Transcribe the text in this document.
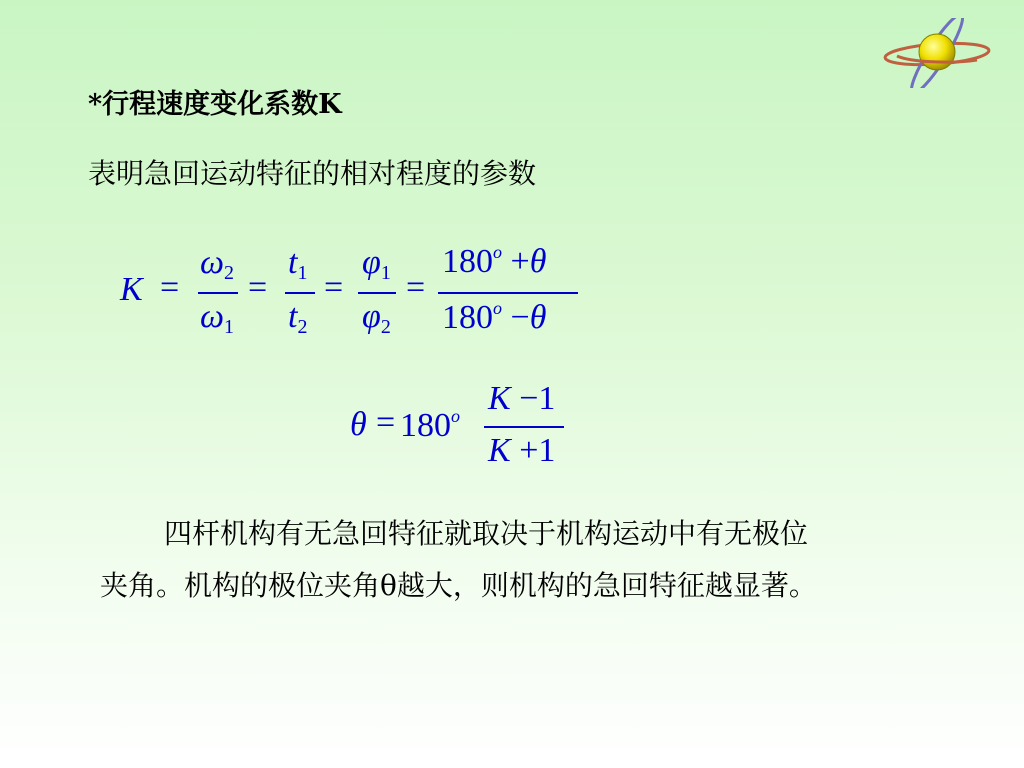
*行程速度变化系数K
表明急回运动特征的相对程度的参数
K =
$\omega_2$
$\omega_1$
=
$t_1$
$t_2$
=
$\varphi_1$
$\varphi_2$
=
$180^o +\theta$
$180^o -\theta$
$\theta = 180^o$ K −1
K +1
四杆机构有无急回特征就取决于机构运动中有无极位
夹角。机构的极位夹角θ越大，则机构的急回特征越显著。
